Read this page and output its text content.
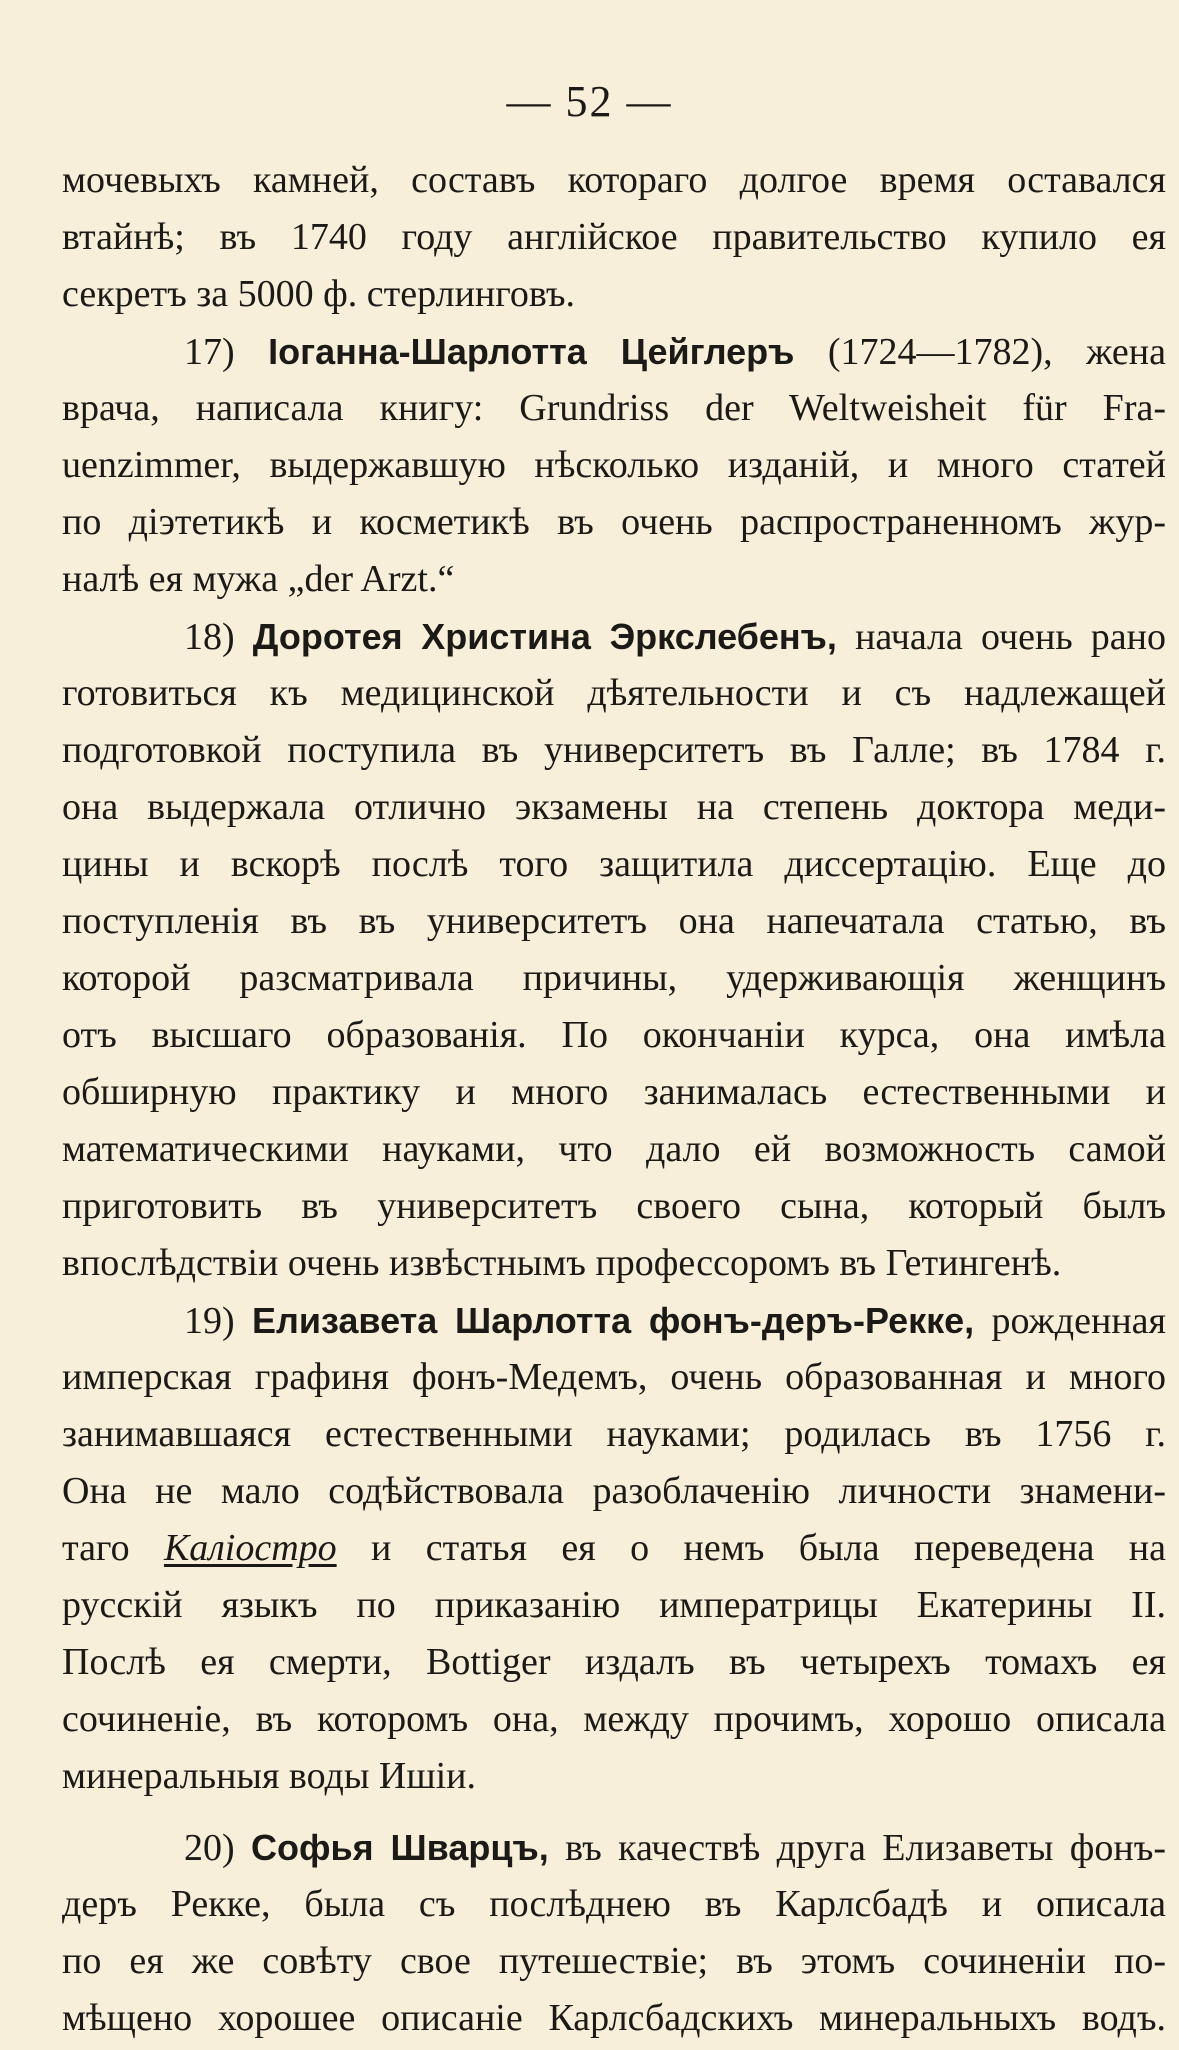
— 52 —
мочевыхъ камней, составъ котораго долгое время оставался
втайнѣ; въ 1740 году англійское правительство купило ея
секретъ за 5000 ф. стерлинговъ.
17) Іоганна-Шарлотта Цейглеръ (1724—1782), жена
врача, написала книгу: Grundriss der Weltweisheit für Fra-
uenzimmer, выдержавшую нѣсколько изданій, и много статей
по діэтетикѣ и косметикѣ въ очень распространенномъ жур-
налѣ ея мужа „der Arzt.“
18) Доротея Христина Эркслебенъ, начала очень рано
готовиться къ медицинской дѣятельности и съ надлежащей
подготовкой поступила въ университетъ въ Галле; въ 1784 г.
она выдержала отлично экзамены на степень доктора меди-
цины и вскорѣ послѣ того защитила диссертацію. Еще до
поступленія въ въ университетъ она напечатала статью, въ
которой разсматривала причины, удерживающія женщинъ
отъ высшаго образованія. По окончаніи курса, она имѣла
обширную практику и много занималась естественными и
математическими науками, что дало ей возможность самой
приготовить въ университетъ своего сына, который былъ
впослѣдствіи очень извѣстнымъ профессоромъ въ Гетингенѣ.
19) Елизавета Шарлотта фонъ-деръ-Рекке, рожденная
имперская графиня фонъ-Медемъ, очень образованная и много
занимавшаяся естественными науками; родилась въ 1756 г.
Она не мало содѣйствовала разоблаченію личности знамени-
таго Каліостро и статья ея о немъ была переведена на
русскій языкъ по приказанію императрицы Екатерины II.
Послѣ ея смерти, Bottiger издалъ въ четырехъ томахъ ея
сочиненіе, въ которомъ она, между прочимъ, хорошо описала
минеральныя воды Ишіи.
20) Софья Шварцъ, въ качествѣ друга Елизаветы фонъ-
деръ Рекке, была съ послѣднею въ Карлсбадѣ и описала
по ея же совѣту свое путешествіе; въ этомъ сочиненіи по-
мѣщено хорошее описаніе Карлсбадскихъ минеральныхъ водъ.
